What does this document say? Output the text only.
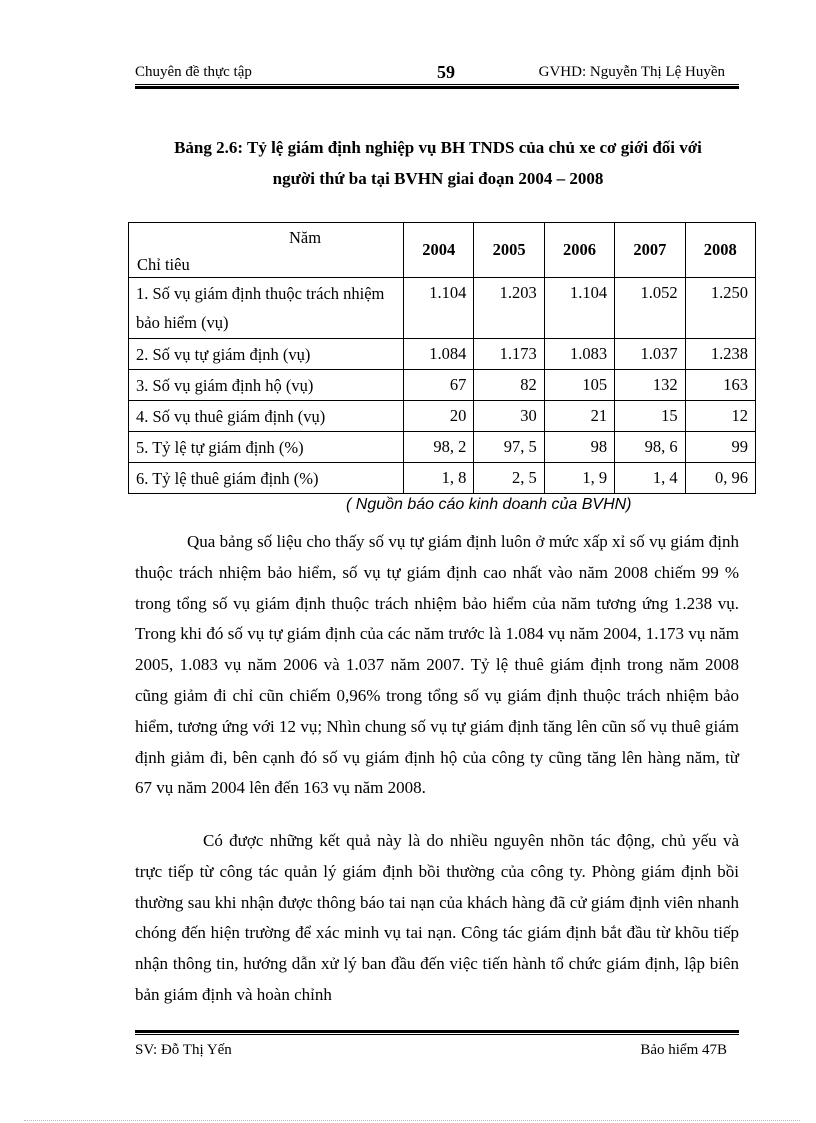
Chuyên đề thực tập	59	GVHD: Nguyễn Thị Lệ Huyền
Bảng 2.6: Tỷ lệ giám định nghiệp vụ BH TNDS của chủ xe cơ giới đối với
người thứ ba tại BVHN giai đoạn 2004 – 2008
Năm
Chỉ tiêu	2004	2005	2006	2007	2008
1. Số vụ giám định thuộc trách nhiệm bảo hiểm (vụ)	1.104	1.203	1.104	1.052	1.250
2. Số vụ tự giám định (vụ)	1.084	1.173	1.083	1.037	1.238
3. Số vụ giám định hộ (vụ)	67	82	105	132	163
4. Số vụ thuê giám định (vụ)	20	30	21	15	12
5. Tỷ lệ tự giám định (%)	98, 2	97, 5	98	98, 6	99
6. Tỷ lệ thuê giám định (%)	1, 8	2, 5	1, 9	1, 4	0, 96
( Nguồn báo cáo kinh doanh của BVHN)

Qua bảng số liệu cho thấy số vụ tự giám định luôn ở mức xấp xỉ số vụ giám định thuộc trách nhiệm bảo hiểm, số vụ tự giám định cao nhất vào năm 2008 chiếm 99 % trong tổng số vụ giám định thuộc trách nhiệm bảo hiểm của năm tương ứng 1.238 vụ. Trong khi đó số vụ tự giám định của các năm trước là 1.084 vụ năm 2004, 1.173 vụ năm 2005, 1.083 vụ năm 2006 và 1.037 năm 2007. Tỷ lệ thuê giám định trong năm 2008 cũng giảm đi chỉ cũn chiếm 0,96% trong tổng số vụ giám định thuộc trách nhiệm bảo hiểm, tương ứng với 12 vụ; Nhìn chung số vụ tự giám định tăng lên cũn số vụ thuê giám định giảm đi, bên cạnh đó số vụ giám định hộ của công ty cũng tăng lên hàng năm, từ 67 vụ năm 2004 lên đến 163 vụ năm 2008.

Có được những kết quả này là do nhiều nguyên nhõn tác động, chủ yếu và trực tiếp từ công tác quản lý giám định bồi thường của công ty. Phòng giám định bồi thường sau khi nhận được thông báo tai nạn của khách hàng đã cử giám định viên nhanh chóng đến hiện trường để xác minh vụ tai nạn. Công tác giám định bắt đầu từ khõu tiếp nhận thông tin, hướng dẫn xử lý ban đầu đến việc tiến hành tổ chức giám định, lập biên bản giám định và hoàn chỉnh

SV: Đỗ Thị Yến	Bảo hiểm 47B
